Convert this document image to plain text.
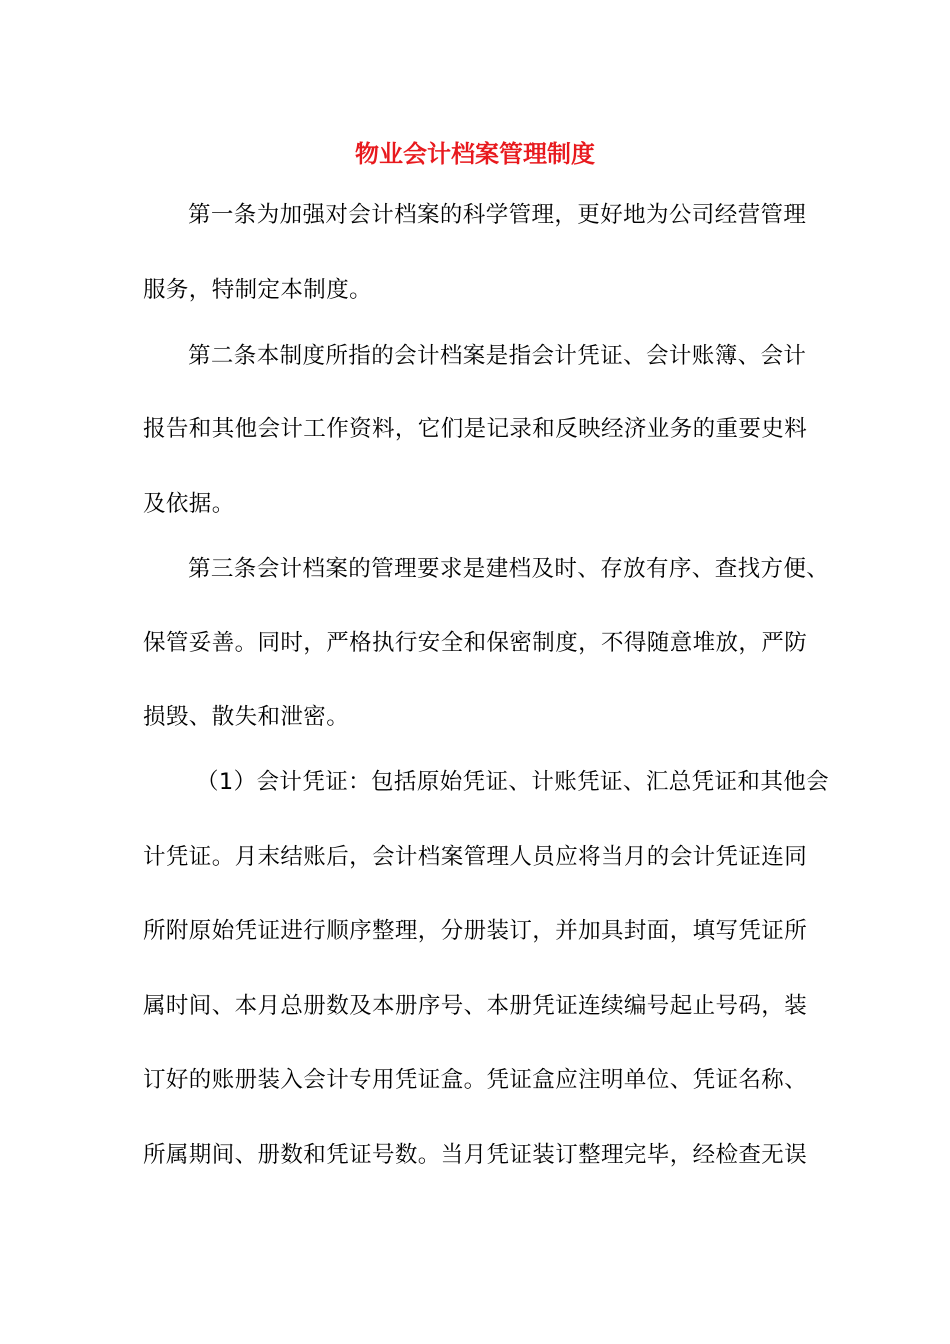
物业会计档案管理制度
第一条为加强对会计档案的科学管理，更好地为公司经营管理
服务，特制定本制度。
第二条本制度所指的会计档案是指会计凭证、会计账簿、会计
报告和其他会计工作资料，它们是记录和反映经济业务的重要史料
及依据。
第三条会计档案的管理要求是建档及时、存放有序、查找方便、
保管妥善。同时，严格执行安全和保密制度，不得随意堆放，严防
损毁、散失和泄密。
（1）会计凭证：包括原始凭证、计账凭证、汇总凭证和其他会
计凭证。月末结账后，会计档案管理人员应将当月的会计凭证连同
所附原始凭证进行顺序整理，分册装订，并加具封面，填写凭证所
属时间、本月总册数及本册序号、本册凭证连续编号起止号码，装
订好的账册装入会计专用凭证盒。凭证盒应注明单位、凭证名称、
所属期间、册数和凭证号数。当月凭证装订整理完毕，经检查无误
